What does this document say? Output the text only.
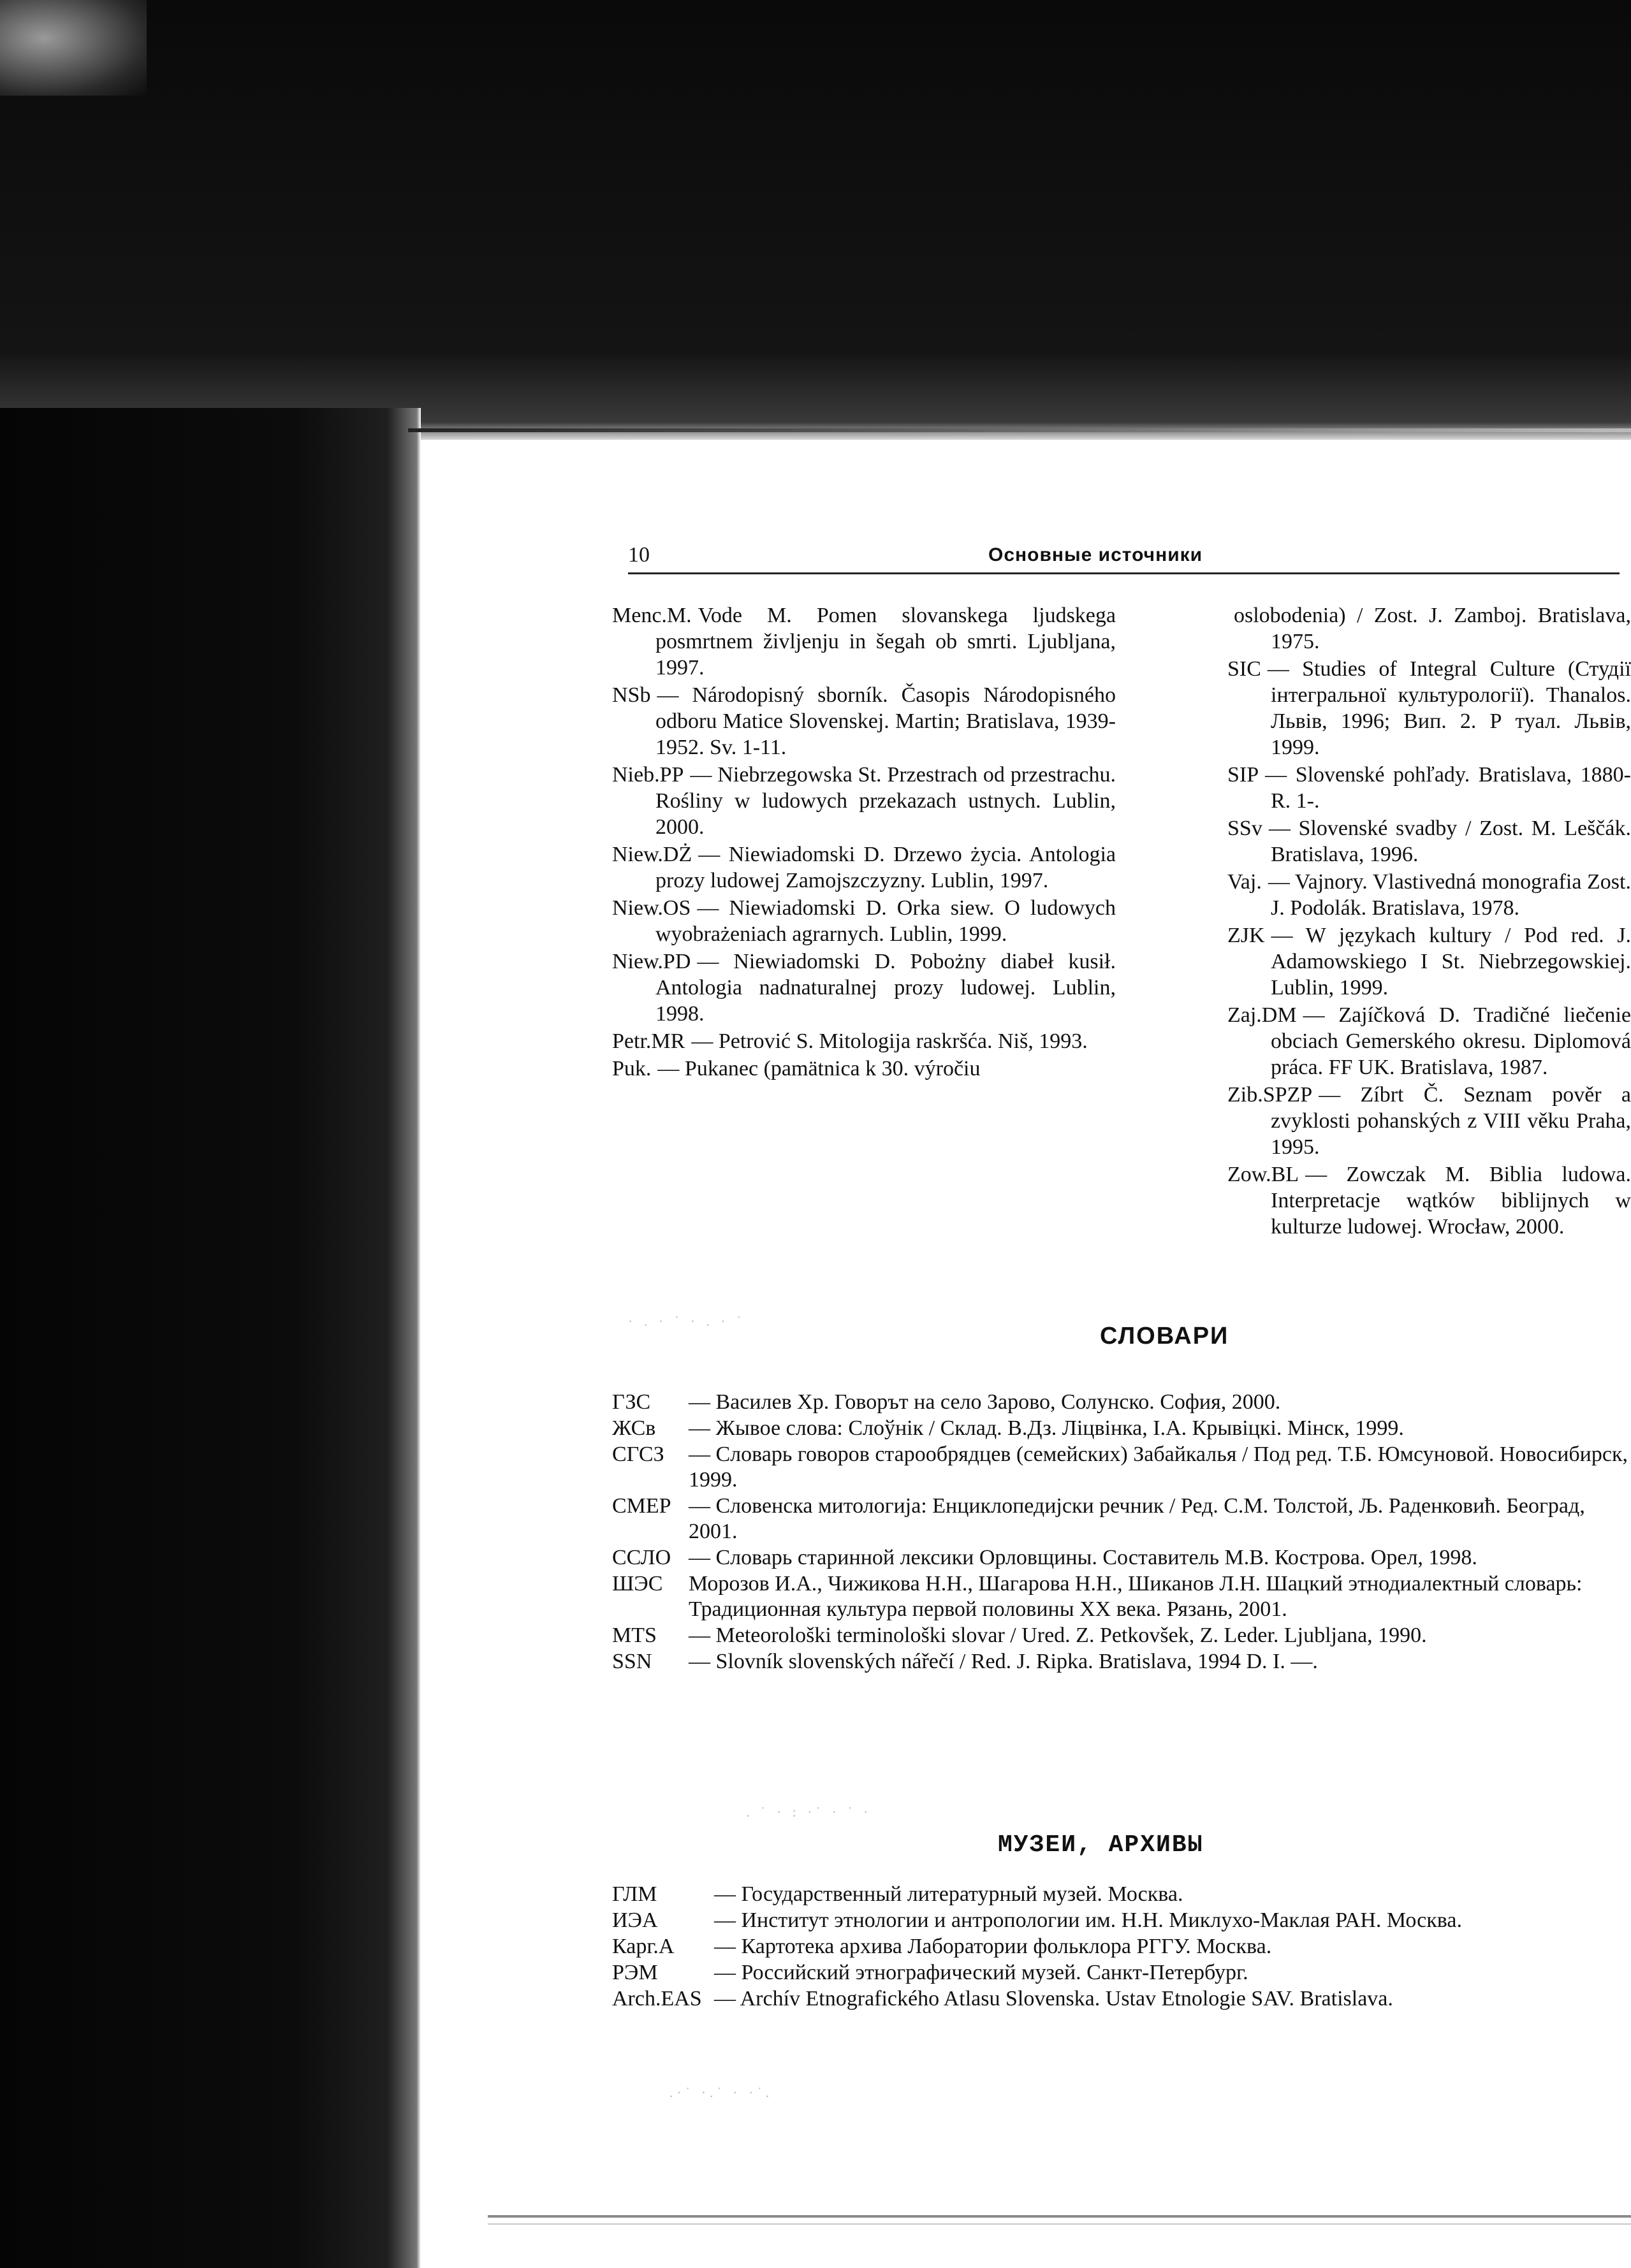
10	Основные источники
Menc.M. Vode M. Pomen slovanskega ljudskega posmrtnem življenju in šegah ob smrti. Ljubljana, 1997.
NSb — Národopisný sborník. Časopis Národopisného odboru Matice Slovenskej. Martin; Bratislava, 1939-1952. Sv. 1-11.
Nieb.PP — Niebrzegowska St. Przestrach od przestrachu. Rośliny w ludowych przekazach ustnych. Lublin, 2000.
Niew.DŻ — Niewiadomski D. Drzewo życia. Antologia prozy ludowej Zamojszczyzny. Lublin, 1997.
Niew.OS — Niewiadomski D. Orka siew. O ludowych wyobrażeniach agrarnych. Lublin, 1999.
Niew.PD — Niewiadomski D. Pobożny diabeł kusił. Antologia nadnaturalnej prozy ludowej. Lublin, 1998.
Petr.MR — Petrović S. Mitologija raskršća. Niš, 1993.
Puk. — Pukanec (pamätnica k 30. výročiu
oslobodenia) / Zost. J. Zamboj. Bratislava, 1975.
SIC — Studies of Integral Culture (Студії інтегральної культурології). Thanalos. Львів, 1996; Вип. 2. Р туал. Львів, 1999.
SIP — Slovenské pohľady. Bratislava, 1880- R. 1-.
SSv — Slovenské svadby / Zost. M. Leščák. Bratislava, 1996.
Vaj. — Vajnory. Vlastivedná monografia Zost. J. Podolák. Bratislava, 1978.
ZJK — W językach kultury / Pod red. J. Adamowskiego I St. Niebrzegowskiej. Lublin, 1999.
Zaj.DM — Zajíčková D. Tradičné liečenie obciach Gemerského okresu. Diplomová práca. FF UK. Bratislava, 1987.
Zib.SPZP — Zíbrt Č. Seznam pověr a zvyklosti pohanských z VIII věku Praha, 1995.
Zow.BL — Zowczak M. Biblia ludowa. Interpretacje wątków biblijnych w kulturze ludowej. Wrocław, 2000.
· . · ˙ · . · ˙
СЛОВАРИ
ГЗС	— Василев Хр. Говорът на село Зарово, Солунско. София, 2000.
ЖСв	— Жывое слова: Слоўнік / Склад. В.Дз. Ліцвінка, І.А. Крывіцкі. Мінск, 1999.
СГСЗ	— Словарь говоров старообрядцев (семейских) Забайкалья / Под ред. Т.Б. Юмсуновой. Новосибирск, 1999.
СМЕР — Словенска митологиjа: Енциклопедиjски речник / Ред. С.М. Толстой, Љ. Раденковић. Београд, 2001.
ССЛО — Словарь старинной лексики Орловщины. Составитель М.В. Кострова. Орел, 1998.
ШЭС	Морозов И.А., Чижикова Н.Н., Шагарова Н.Н., Шиканов Л.Н. Шацкий этнодиалектный словарь: Традиционная культура первой половины XX века. Рязань, 2001.
MTS	— Meteorološki terminološki slovar / Ured. Z. Petkovšek, Z. Leder. Ljubljana, 1990.
SSN	— Slovník slovenských nářečí / Red. J. Ripka. Bratislava, 1994 D. I. —.
. ˙ · : ·˙ · ˙ ·
МУЗЕИ, АРХИВЫ
ГЛМ	— Государственный литературный музей. Москва.
ИЭА	— Институт этнологии и антропологии им. Н.Н. Миклухо-Маклая РАН. Москва.
Карг.А	— Картотека архива Лаборатории фольклора РГГУ. Москва.
РЭМ	— Российский этнографический музей. Санкт-Петербург.
Arch.EAS — Archív Etnografického Atlasu Slovenska. Ustav Etnologie SAV. Bratislava.
.·˙ ·.˙ · ·˙.
